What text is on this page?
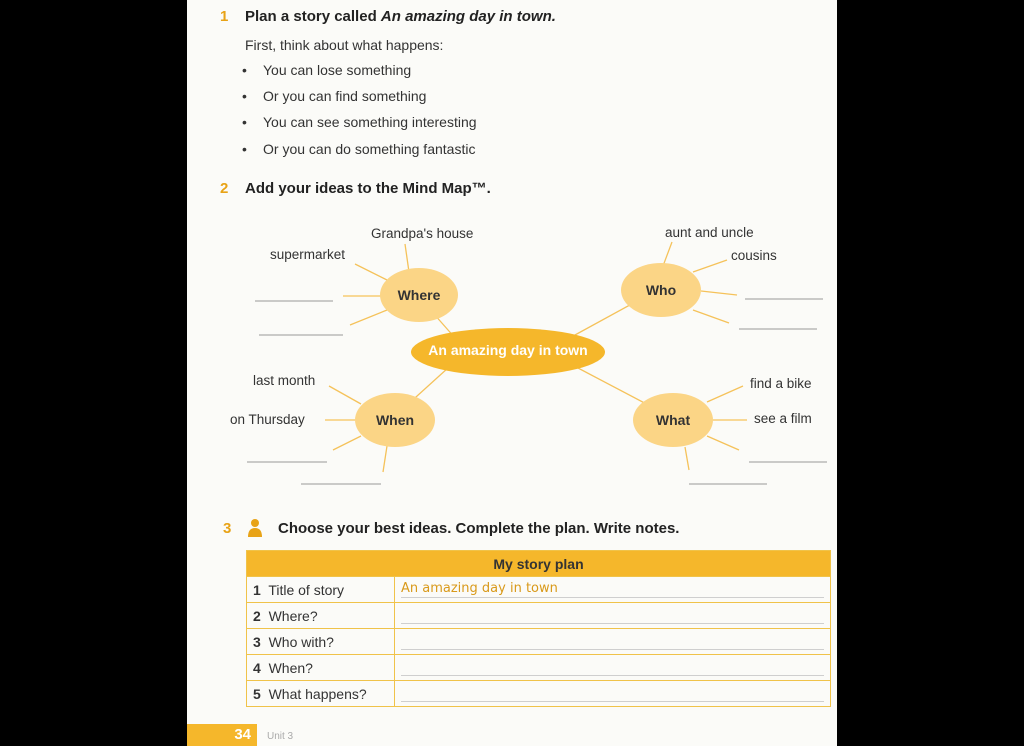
1 Plan a story called An amazing day in town.
First, think about what happens:
• You can lose something
• Or you can find something
• You can see something interesting
• Or you can do something fantastic
2 Add your ideas to the Mind Map™.
An amazing day in town
Where	Who
When	What
Grandpa's house
supermarket
aunt and uncle
cousins
last month
on Thursday
find a bike
see a film
3	Choose your best ideas. Complete the plan. Write notes.
My story plan	
1 Title of story	An amazing day in town

2 Where?	

3 Who with?	

4 When?	

5 What happens?	
34 Unit 3
